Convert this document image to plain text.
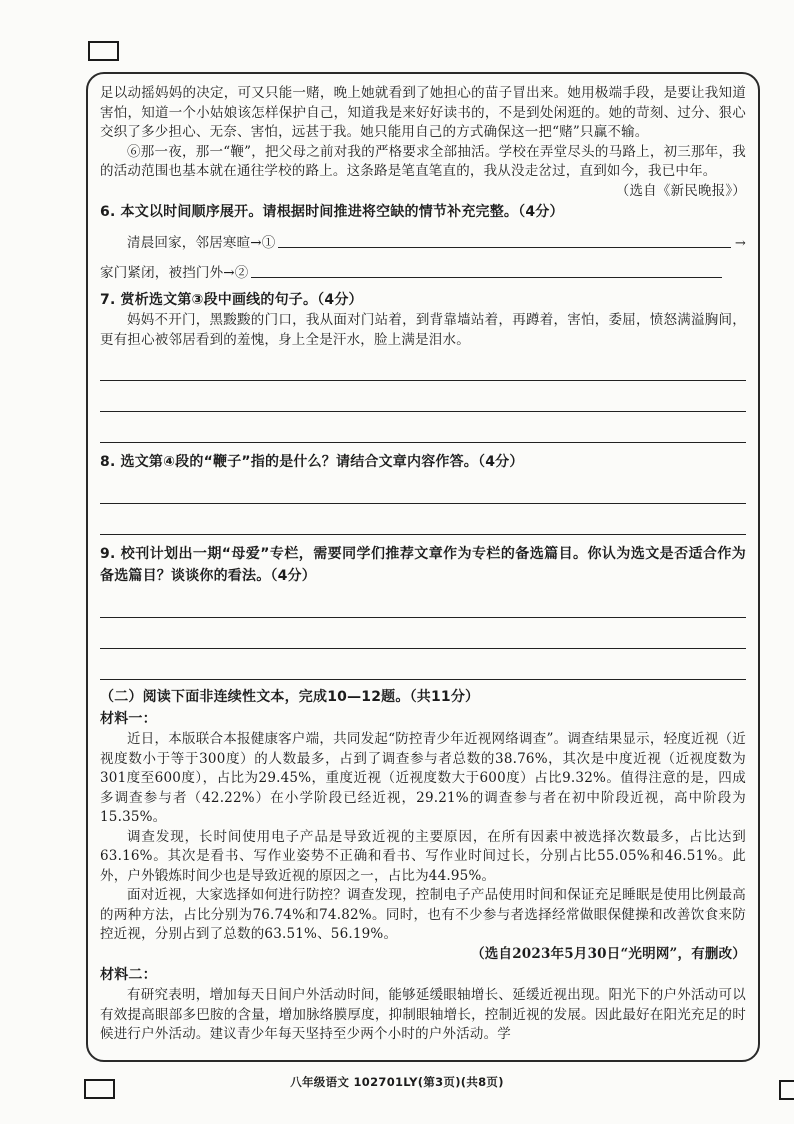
足以动摇妈妈的决定，可又只能一赌，晚上她就看到了她担心的苗子冒出来。她用极端手段，是要让我知道害怕，知道一个小姑娘该怎样保护自己，知道我是来好好读书的，不是到处闲逛的。她的苛刻、过分、狠心交织了多少担心、无奈、害怕，远甚于我。她只能用自己的方式确保这一把“赌”只赢不输。

⑥那一夜，那一“鞭”，把父母之前对我的严格要求全部抽活。学校在弄堂尽头的马路上，初三那年，我的活动范围也基本就在通往学校的路上。这条路是笔直笔直的，我从没走岔过，直到如今，我已中年。

（选自《新民晚报》）

6. 本文以时间顺序展开。请根据时间推进将空缺的情节补充完整。（4分）

清晨回家，邻居寒暄→①	→
家门紧闭，被挡门外→②

7. 赏析选文第③段中画线的句子。（4分）

妈妈不开门，黑黢黢的门口，我从面对门站着，到背靠墙站着，再蹲着，害怕，委屈，愤怒满溢胸间，更有担心被邻居看到的羞愧，身上全是汗水，脸上满是泪水。

8. 选文第④段的“鞭子”指的是什么？请结合文章内容作答。（4分）

9. 校刊计划出一期“母爱”专栏，需要同学们推荐文章作为专栏的备选篇目。你认为选文是否适合作为备选篇目？谈谈你的看法。（4分）

（二）阅读下面非连续性文本，完成10—12题。（共11分）

材料一：

近日，本版联合本报健康客户端，共同发起“防控青少年近视网络调查”。调查结果显示，轻度近视（近视度数小于等于300度）的人数最多，占到了调查参与者总数的38.76%，其次是中度近视（近视度数为301度至600度），占比为29.45%，重度近视（近视度数大于600度）占比9.32%。值得注意的是，四成多调查参与者（42.22%）在小学阶段已经近视，29.21%的调查参与者在初中阶段近视，高中阶段为15.35%。

调查发现，长时间使用电子产品是导致近视的主要原因，在所有因素中被选择次数最多，占比达到63.16%。其次是看书、写作业姿势不正确和看书、写作业时间过长，分别占比55.05%和46.51%。此外，户外锻炼时间少也是导致近视的原因之一，占比为44.95%。

面对近视，大家选择如何进行防控？调查发现，控制电子产品使用时间和保证充足睡眠是使用比例最高的两种方法，占比分别为76.74%和74.82%。同时，也有不少参与者选择经常做眼保健操和改善饮食来防控近视，分别占到了总数的63.51%、56.19%。

（选自2023年5月30日“光明网”，有删改）

材料二：

有研究表明，增加每天日间户外活动时间，能够延缓眼轴增长、延缓近视出现。阳光下的户外活动可以有效提高眼部多巴胺的含量，增加脉络膜厚度，抑制眼轴增长，控制近视的发展。因此最好在阳光充足的时候进行户外活动。建议青少年每天坚持至少两个小时的户外活动。学

八年级语文 102701LY(第3页)(共8页)
